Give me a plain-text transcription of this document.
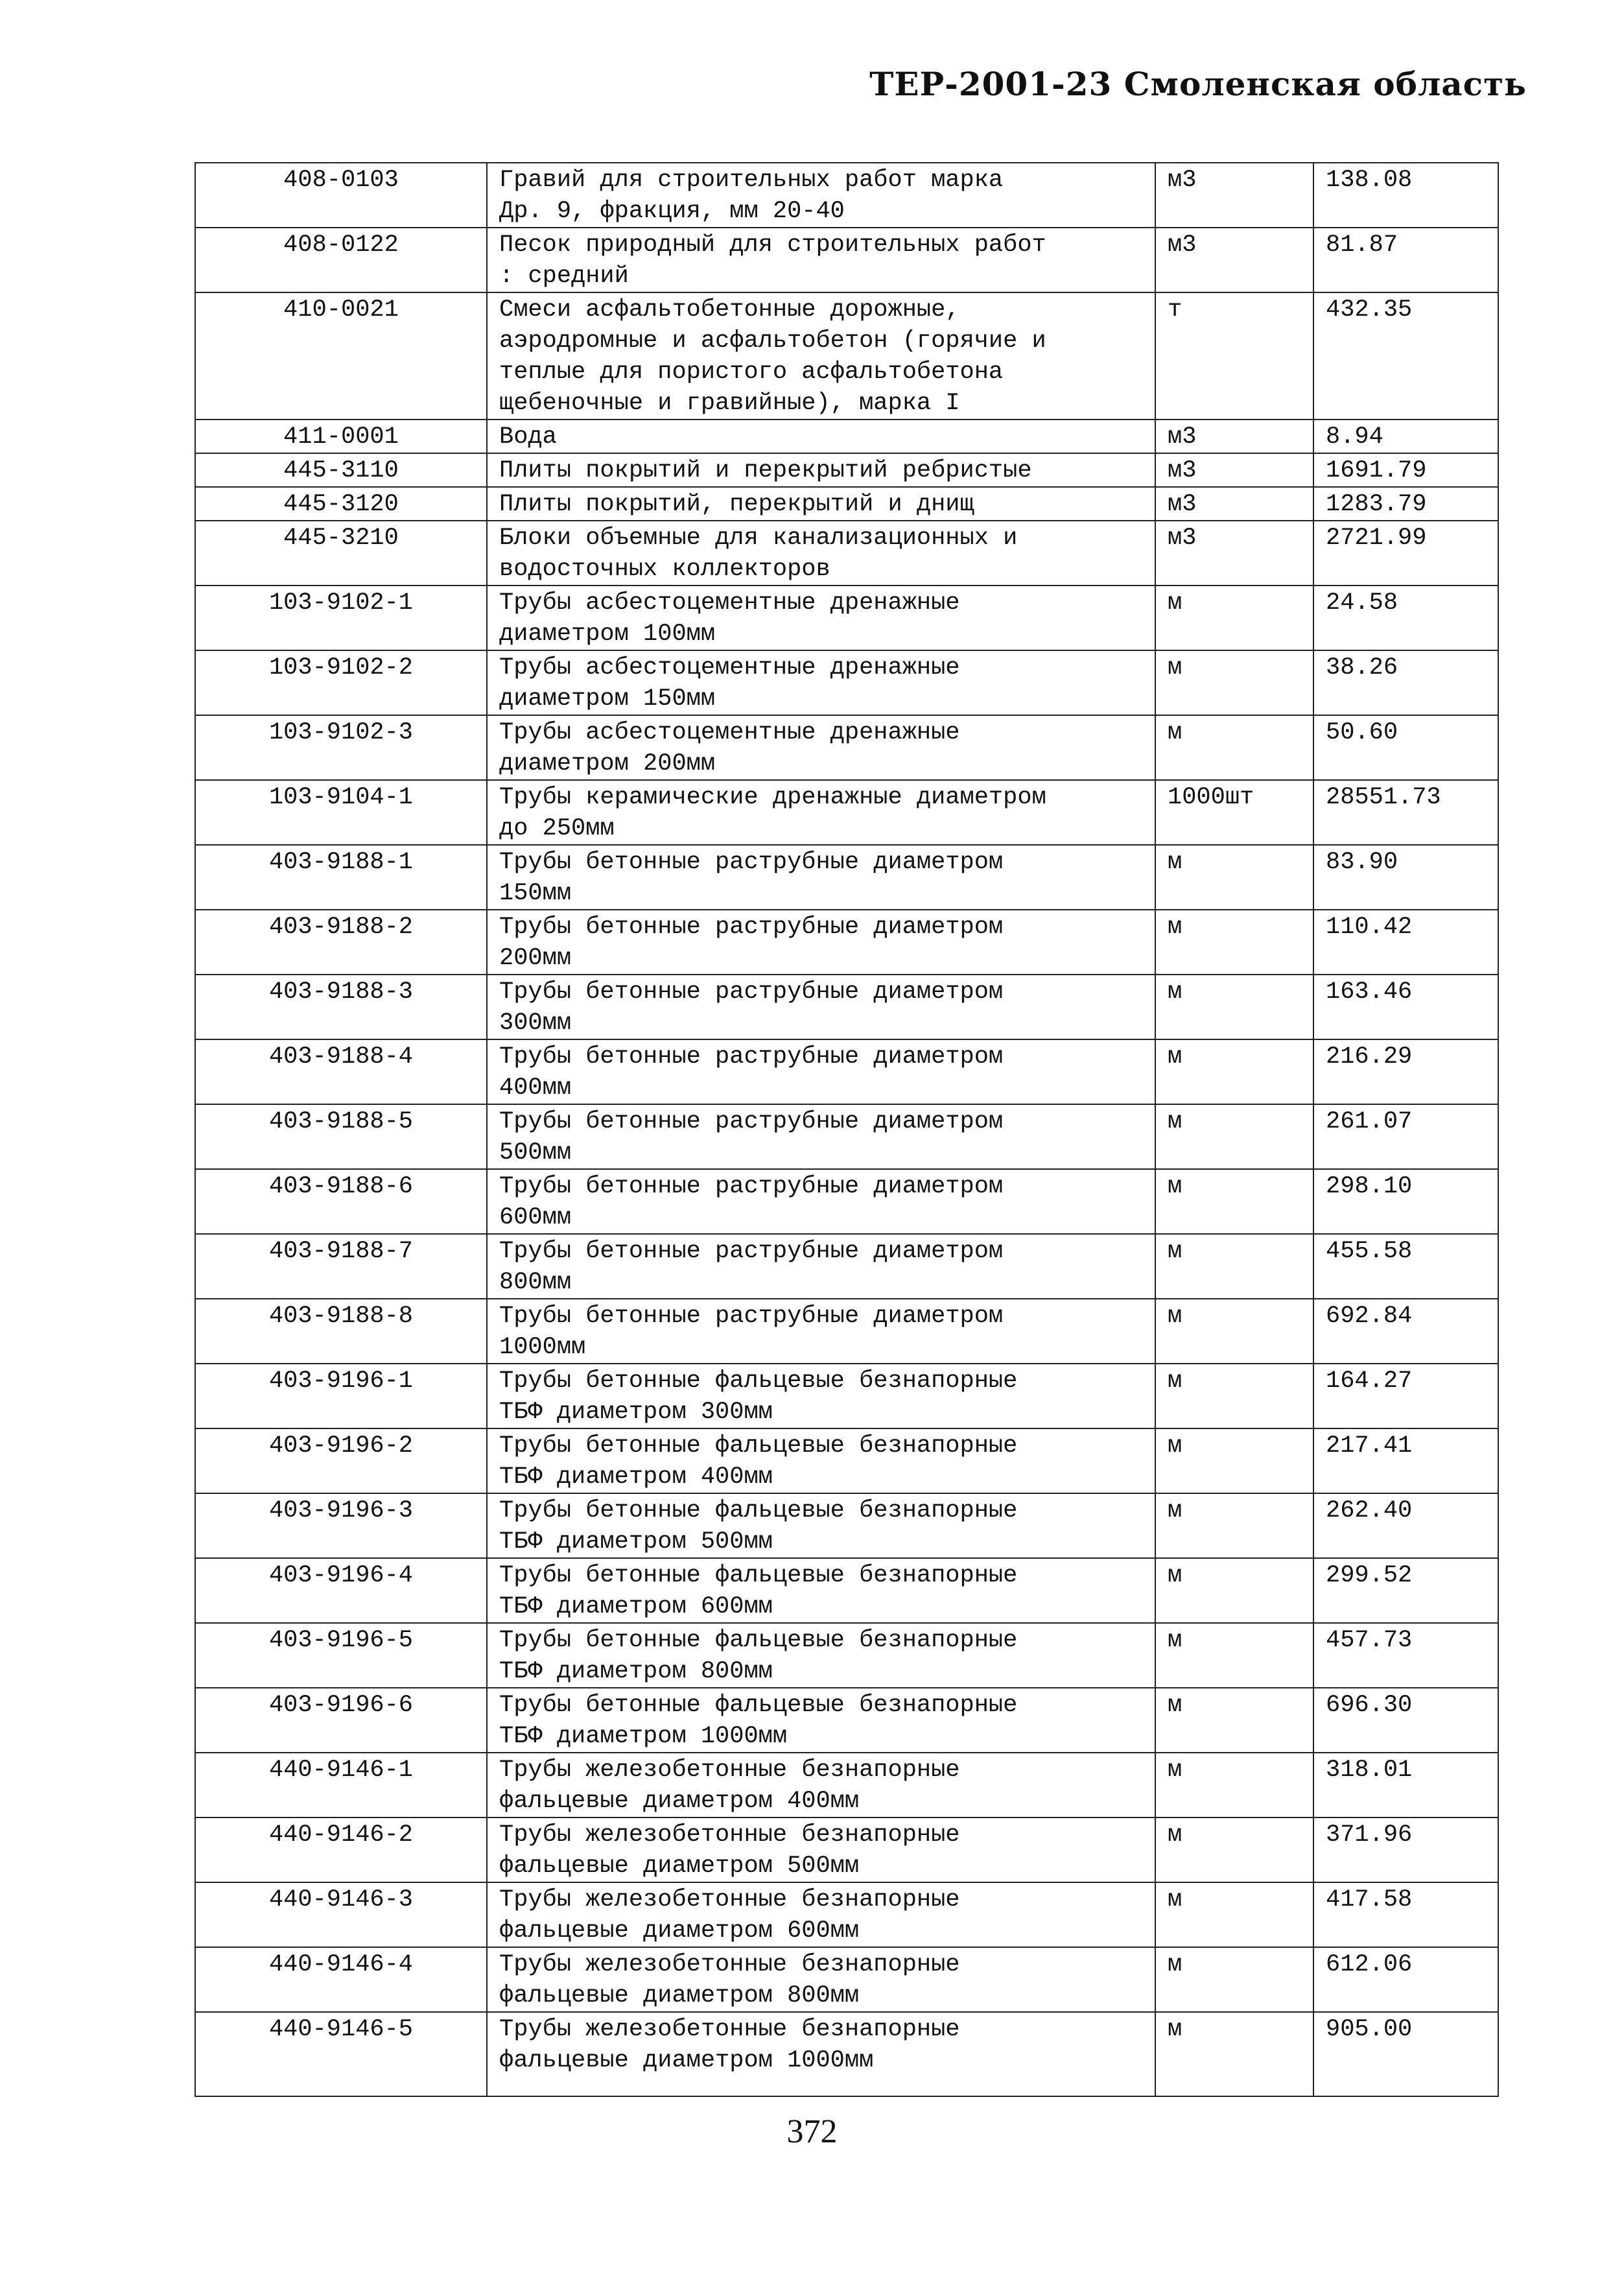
ТЕР-2001-23 Смоленская область
408-0103	Гравий для строительных работ марка
Др. 9, фракция, мм 20-40	м3	138.08
408-0122	Песок природный для строительных работ
: средний	м3	81.87
410-0021	Смеси асфальтобетонные дорожные,
аэродромные и асфальтобетон (горячие и
теплые для пористого асфальтобетона
щебеночные и гравийные), марка I	т	432.35
411-0001	Вода	м3	8.94
445-3110	Плиты покрытий и перекрытий ребристые	м3	1691.79
445-3120	Плиты покрытий, перекрытий и днищ	м3	1283.79
445-3210	Блоки объемные для канализационных и
водосточных коллекторов	м3	2721.99
103-9102-1	Трубы асбестоцементные дренажные
диаметром 100мм	м	24.58
103-9102-2	Трубы асбестоцементные дренажные
диаметром 150мм	м	38.26
103-9102-3	Трубы асбестоцементные дренажные
диаметром 200мм	м	50.60
103-9104-1	Трубы керамические дренажные диаметром
до 250мм	1000шт	28551.73
403-9188-1	Трубы бетонные раструбные диаметром
150мм	м	83.90
403-9188-2	Трубы бетонные раструбные диаметром
200мм	м	110.42
403-9188-3	Трубы бетонные раструбные диаметром
300мм	м	163.46
403-9188-4	Трубы бетонные раструбные диаметром
400мм	м	216.29
403-9188-5	Трубы бетонные раструбные диаметром
500мм	м	261.07
403-9188-6	Трубы бетонные раструбные диаметром
600мм	м	298.10
403-9188-7	Трубы бетонные раструбные диаметром
800мм	м	455.58
403-9188-8	Трубы бетонные раструбные диаметром
1000мм	м	692.84
403-9196-1	Трубы бетонные фальцевые безнапорные
ТБФ диаметром 300мм	м	164.27
403-9196-2	Трубы бетонные фальцевые безнапорные
ТБФ диаметром 400мм	м	217.41
403-9196-3	Трубы бетонные фальцевые безнапорные
ТБФ диаметром 500мм	м	262.40
403-9196-4	Трубы бетонные фальцевые безнапорные
ТБФ диаметром 600мм	м	299.52
403-9196-5	Трубы бетонные фальцевые безнапорные
ТБФ диаметром 800мм	м	457.73
403-9196-6	Трубы бетонные фальцевые безнапорные
ТБФ диаметром 1000мм	м	696.30
440-9146-1	Трубы железобетонные безнапорные
фальцевые диаметром 400мм	м	318.01
440-9146-2	Трубы железобетонные безнапорные
фальцевые диаметром 500мм	м	371.96
440-9146-3	Трубы железобетонные безнапорные
фальцевые диаметром 600мм	м	417.58
440-9146-4	Трубы железобетонные безнапорные
фальцевые диаметром 800мм	м	612.06
440-9146-5	Трубы железобетонные безнапорные
фальцевые диаметром 1000мм	м	905.00
372
